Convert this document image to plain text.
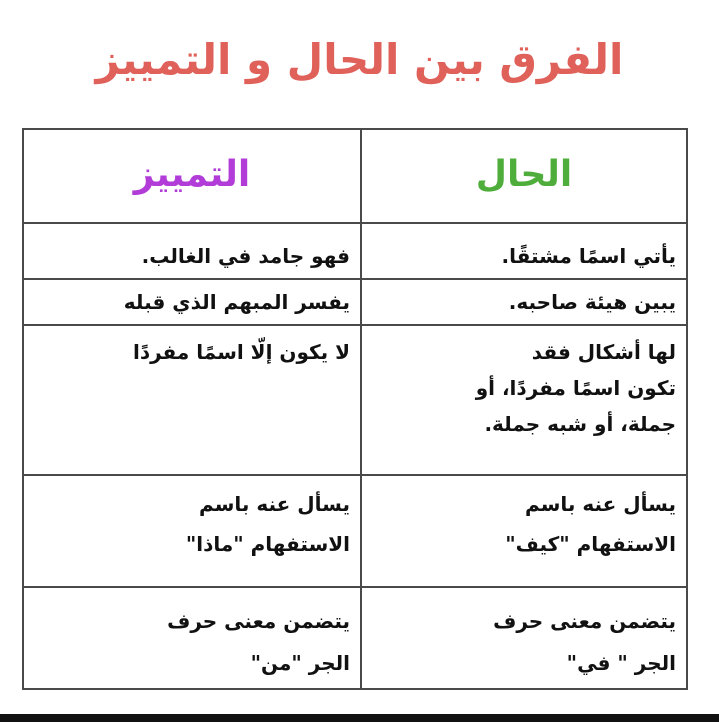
الفرق بين الحال و التمييز
الحال
التمييز
يأتي اسمًا مشتقًا.
فهو جامد في الغالب.
يبين هيئة صاحبه.
يفسر المبهم الذي قبله
لها أشكال فقد
تكون اسمًا مفردًا، أو
جملة، أو شبه جملة.
لا يكون إلّا اسمًا مفردًا
يسأل عنه باسم
الاستفهام "كيف"
يسأل عنه باسم
الاستفهام "ماذا"
يتضمن معنى حرف
الجر " في"
يتضمن معنى حرف
الجر "من"
